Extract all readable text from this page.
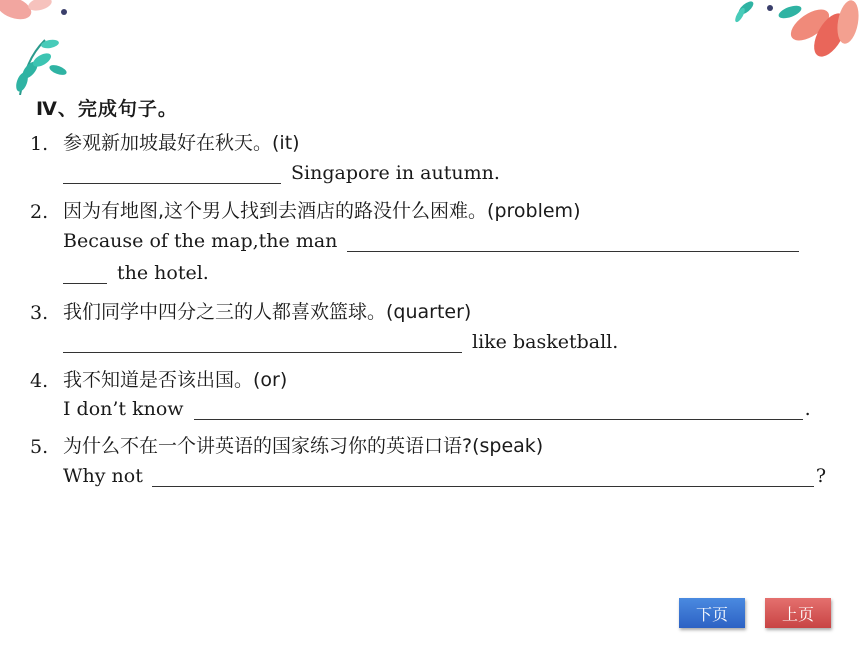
Ⅳ、完成句子。
1. 参观新加坡最好在秋天。(it)
Singapore in autumn.
2. 因为有地图,这个男人找到去酒店的路没什么困难。(problem)
Because of the map,the man
the hotel.
3. 我们同学中四分之三的人都喜欢篮球。(quarter)
like basketball.
4. 我不知道是否该出国。(or)
I don’t know	.
5. 为什么不在一个讲英语的国家练习你的英语口语?(speak)
Why not	?
下页	上页
